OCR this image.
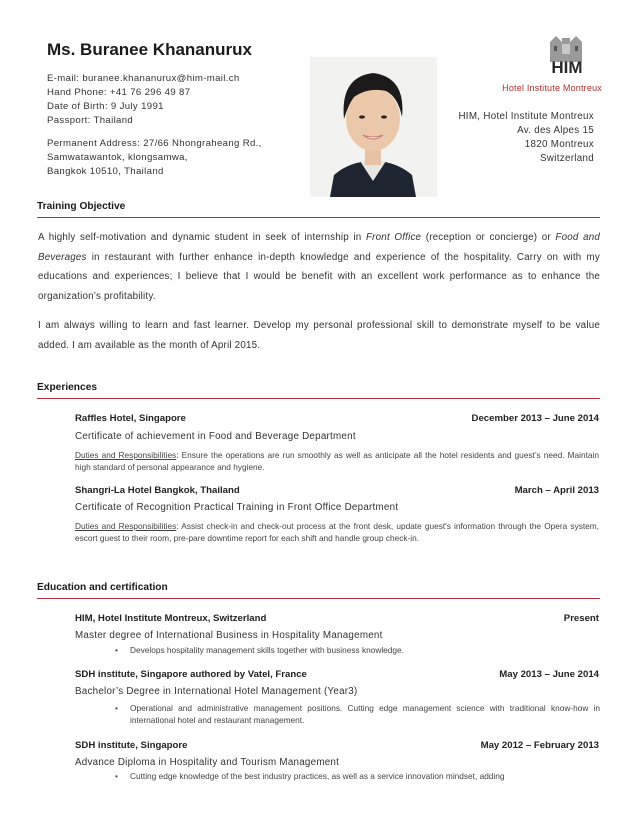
Ms. Buranee Khananurux
E-mail: buranee.khananurux@him-mail.ch
Hand Phone: +41 76 296 49 87
Date of Birth: 9 July 1991
Passport: Thailand
Permanent Address: 27/66 Nhongraheang Rd.,
Samwatawantok, klongsamwa,
Bangkok 10510, Thailand
HIM
Hotel Institute Montreux
HIM, Hotel Institute Montreux
Av. des Alpes 15
1820 Montreux
Switzerland
Training Objective
A highly self-motivation and dynamic student in seek of internship in Front Office (reception or concierge) or Food and Beverages in restaurant with further enhance in-depth knowledge and experience of the hospitality. Carry on with my educations and experiences; I believe that I would be benefit with an excellent work performance as to enhance the organization’s profitability.
I am always willing to learn and fast learner. Develop my personal professional skill to demonstrate myself to be value added. I am available as the month of April 2015.
Experiences
Raffles Hotel, Singapore	December 2013 – June 2014
Certificate of achievement in Food and Beverage Department
Duties and Responsibilities: Ensure the operations are run smoothly as well as anticipate all the hotel residents and guest’s need. Maintain high standard of personal appearance and hygiene.
Shangri-La Hotel Bangkok, Thailand	March – April 2013
Certificate of Recognition Practical Training in Front Office Department
Duties and Responsibilities: Assist check-in and check-out process at the front desk, update guest's information through the Opera system, escort guest to their room, pre-pare downtime report for each shift and handle group check-in.
Education and certification
HIM, Hotel Institute Montreux, Switzerland	Present
Master degree of International Business in Hospitality Management
• Develops hospitality management skills together with business knowledge.
SDH institute, Singapore authored by Vatel, France	May 2013 – June 2014
Bachelor’s Degree in International Hotel Management (Year3)
• Operational and administrative management positions. Cutting edge management science with traditional know-how in international hotel and restaurant management.
SDH institute, Singapore	May 2012 – February 2013
Advance Diploma in Hospitality and Tourism Management
• Cutting edge knowledge of the best industry practices, as well as a service innovation mindset, adding
